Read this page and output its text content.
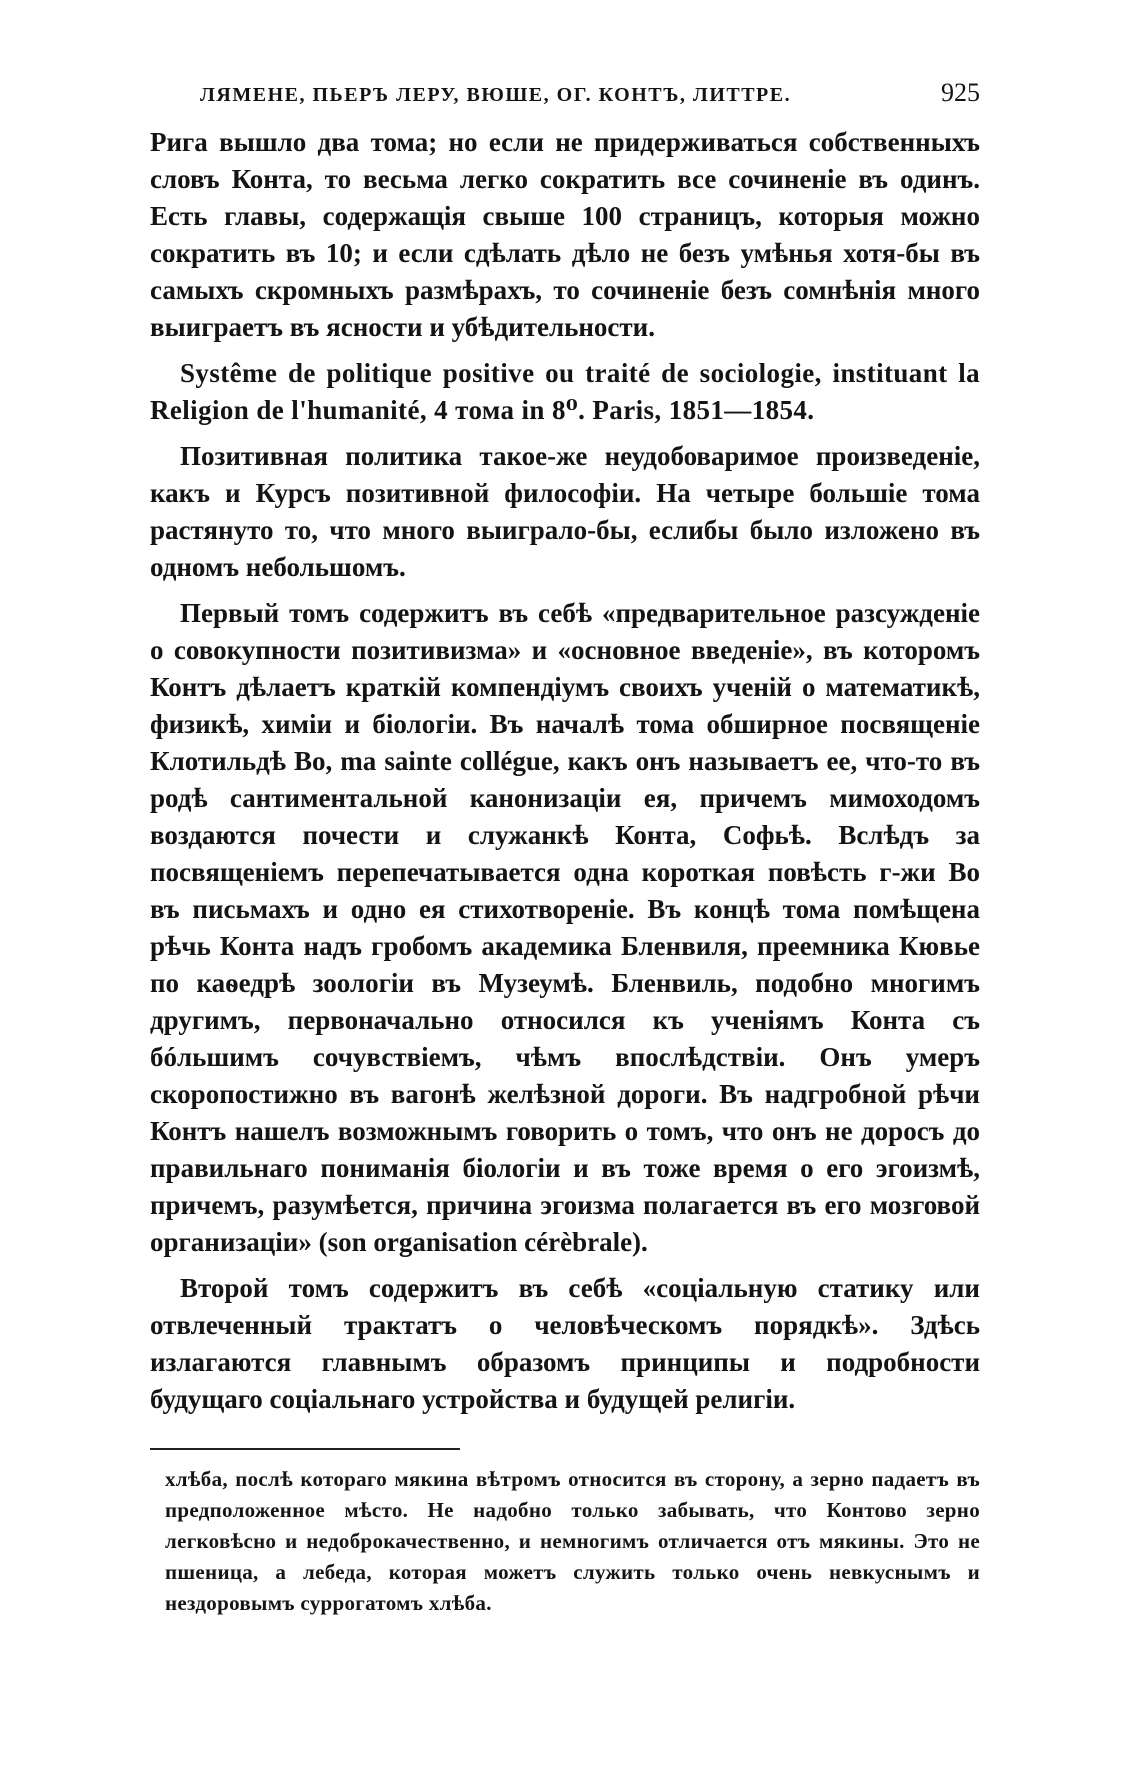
ЛЯМЕНЕ, ПЬЕРЪ ЛЕРУ, ВЮШЕ, ОГ. КОНТЪ, ЛИТТРЕ.	925

Рига вышло два тома; но если не придерживаться собственныхъ словъ Конта, то весьма легко сократить все сочиненіе въ одинъ. Есть главы, содержащія свыше 100 страницъ, которыя можно сократить въ 10; и если сдѣлать дѣло не безъ умѣнья хотя-бы въ самыхъ скромныхъ размѣрахъ, то сочиненіе безъ сомнѣнія много выиграетъ въ ясности и убѣдительности.

Systême de politique positive ou traité de sociologie, instituant la Religion de l'humanité, 4 тома in 8⁰. Paris, 1851—1854.

Позитивная политика такое-же неудобоваримое произведеніе, какъ и Курсъ позитивной философіи. На четыре большіе тома растянуто то, что много выиграло-бы, еслибы было изложено въ одномъ небольшомъ.

Первый томъ содержитъ въ себѣ «предварительное разсужденіе о совокупности позитивизма» и «основное введеніе», въ которомъ Контъ дѣлаетъ краткій компендіумъ своихъ ученій о математикѣ, физикѣ, химіи и біологіи. Въ началѣ тома обширное посвященіе Клотильдѣ Во, ma sainte collégue, какъ онъ называетъ ее, что-то въ родѣ сантиментальной канонизаціи ея, причемъ мимоходомъ воздаются почести и служанкѣ Конта, Софьѣ. Вслѣдъ за посвященіемъ перепечатывается одна короткая повѣсть г-жи Во въ письмахъ и одно ея стихотвореніе. Въ концѣ тома помѣщена рѣчь Конта надъ гробомъ академика Бленвиля, преемника Кювье по каѳедрѣ зоологіи въ Музеумѣ. Бленвиль, подобно многимъ другимъ, первоначально относился къ ученіямъ Конта съ бóльшимъ сочувствіемъ, чѣмъ впослѣдствіи. Онъ умеръ скоропостижно въ вагонѣ желѣзной дороги. Въ надгробной рѣчи Контъ нашелъ возможнымъ говорить о томъ, что онъ не доросъ до правильнаго пониманія біологіи и въ тоже время о его эгоизмѣ, причемъ, разумѣется, причина эгоизма полагается въ его мозговой организаціи» (son organisation cérèbrale).

Второй томъ содержитъ въ себѣ «соціальную статику или отвлеченный трактатъ о человѣческомъ порядкѣ». Здѣсь излагаются главнымъ образомъ принципы и подробности будущаго соціальнаго устройства и будущей религіи.

хлѣба, послѣ котораго мякина вѣтромъ относится въ сторону, а зерно падаетъ въ предположенное мѣсто. Не надобно только забывать, что Контово зерно легковѣсно и недоброкачественно, и немногимъ отличается отъ мякины. Это не пшеница, а лебеда, которая можетъ служить только очень невкуснымъ и нездоровымъ суррогатомъ хлѣба.
